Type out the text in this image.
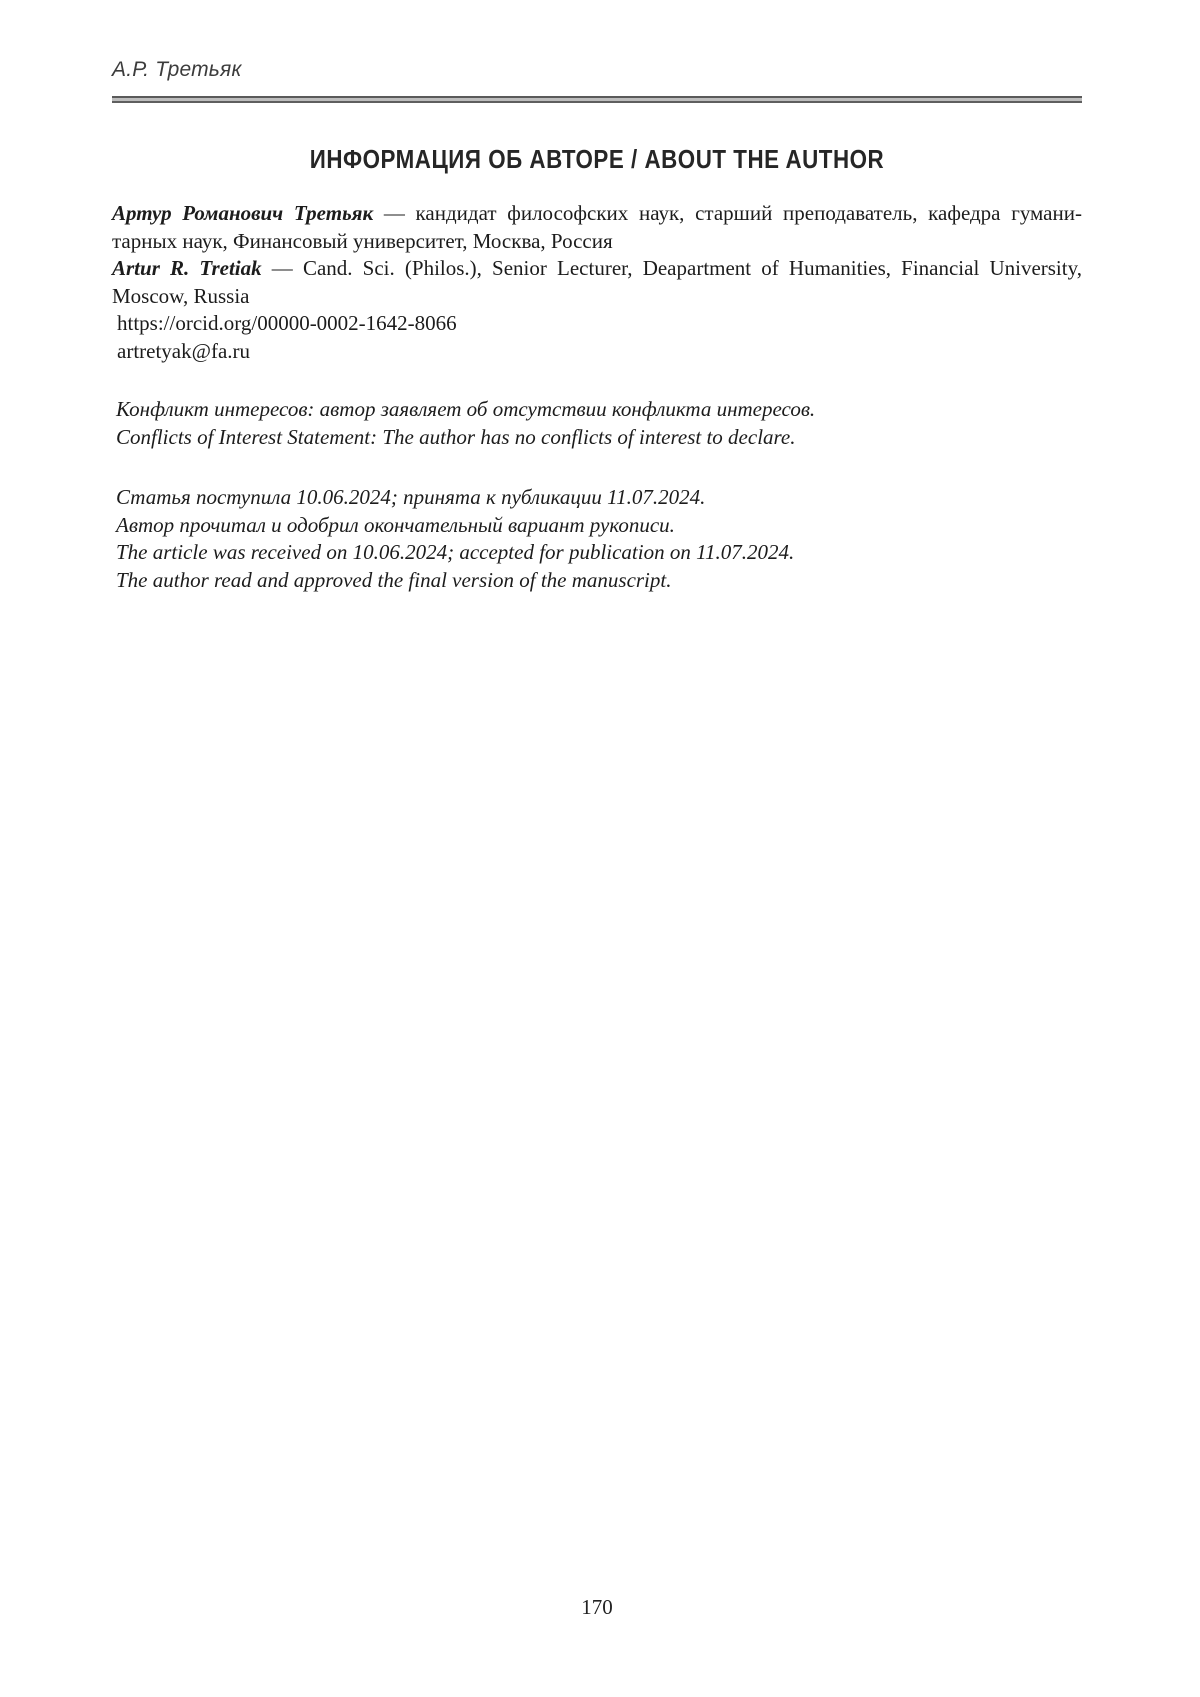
А.Р. Третьяк
ИНФОРМАЦИЯ ОБ АВТОРЕ / ABOUT THE AUTHOR
Артур Романович Третьяк — кандидат философских наук, старший преподаватель, кафедра гуманитарных наук, Финансовый университет, Москва, Россия
Artur R. Tretiak — Cand. Sci. (Philos.), Senior Lecturer, Deapartment of Humanities, Financial University, Moscow, Russia
https://orcid.org/00000-0002-1642-8066
artretyak@fa.ru
Конфликт интересов: автор заявляет об отсутствии конфликта интересов.
Conflicts of Interest Statement: The author has no conflicts of interest to declare.
Статья поступила 10.06.2024; принята к публикации 11.07.2024.
Автор прочитал и одобрил окончательный вариант рукописи.
The article was received on 10.06.2024; accepted for publication on 11.07.2024.
The author read and approved the final version of the manuscript.
170
